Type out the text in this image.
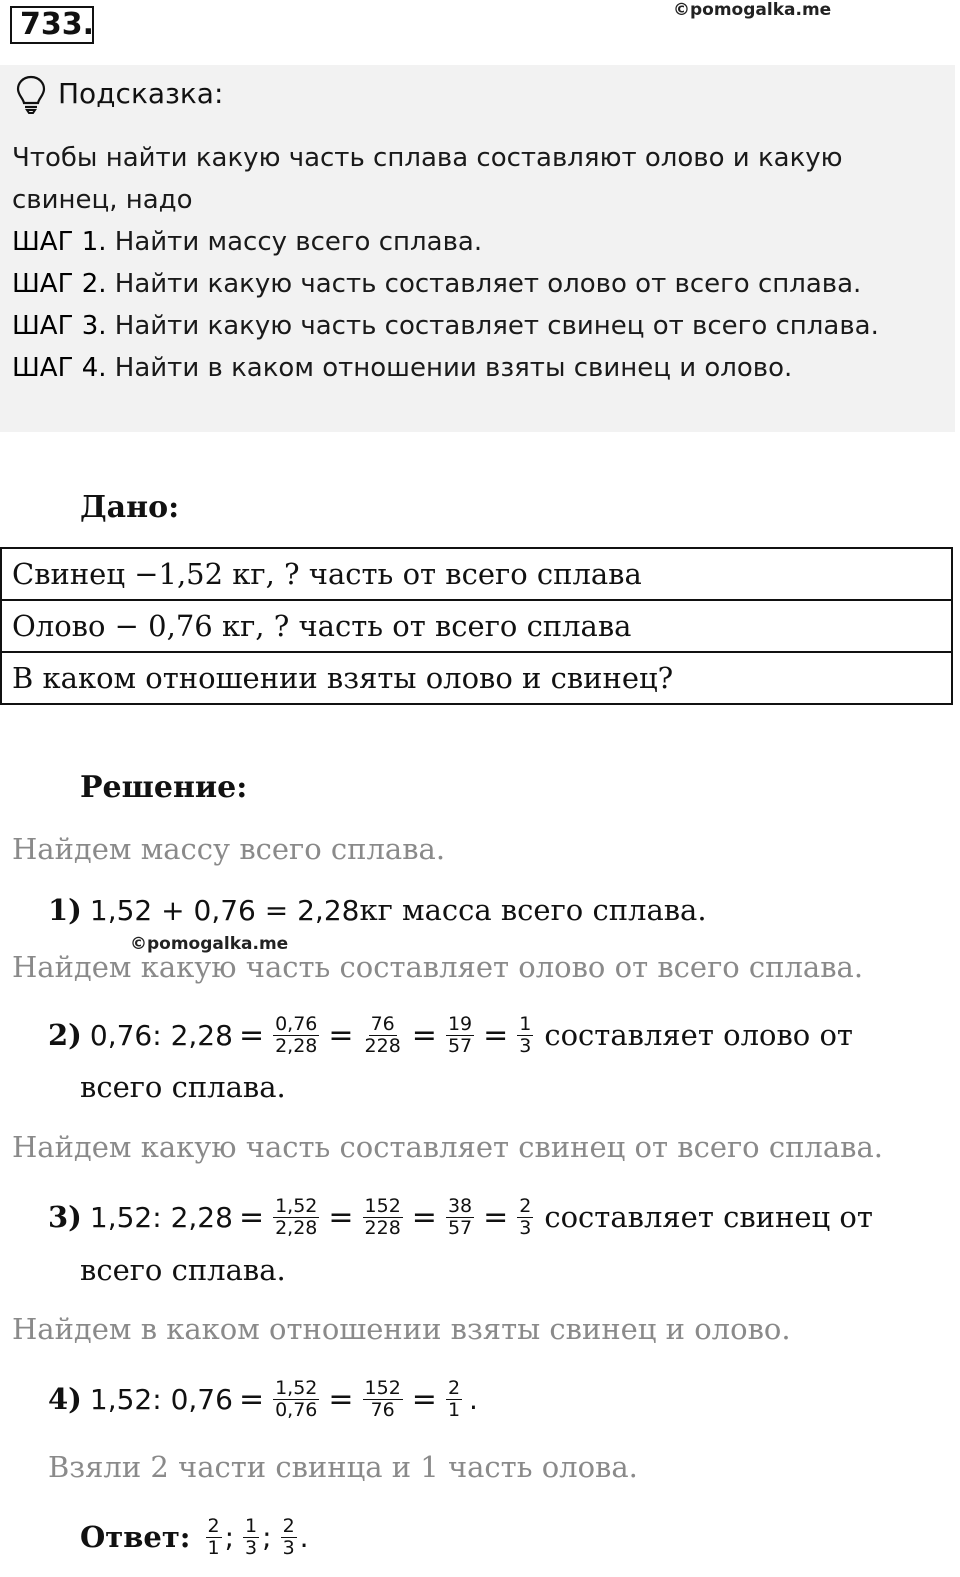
733.	©pomogalka.me
Подсказка:
Чтобы найти какую часть сплава составляют олово и какую
свинец, надо
ШАГ 1. Найти массу всего сплава.
ШАГ 2. Найти какую часть составляет олово от всего сплава.
ШАГ 3. Найти какую часть составляет свинец от всего сплава.
ШАГ 4. Найти в каком отношении взяты свинец и олово.
Дано:
Свинец −1,52 кг, ? часть от всего сплава
Олово − 0,76 кг, ? часть от всего сплава
В каком отношении взяты олово и свинец?
Решение:
Найдем массу всего сплава.
1) 1,52 + 0,76 = 2,28 кг масса всего сплава.
©pomogalka.me
Найдем какую часть составляет олово от всего сплава.
2) 0,76: $2,28 = \frac{0,76}{2,28} = \frac{76}{228} = \frac{19}{57} = \frac{1}{3}$ составляет олово от
всего сплава.
Найдем какую часть составляет свинец от всего сплава.
3) 1,52: $2,28 = \frac{1,52}{2,28} = \frac{152}{228} = \frac{38}{57} = \frac{2}{3}$ составляет свинец от
всего сплава.
Найдем в каком отношении взяты свинец и олово.
4) 1,52: $0,76 = \frac{1,52}{0,76} = \frac{152}{76} = \frac{2}{1}$ .
Взяли 2 части свинца и 1 часть олова.
Ответ: $\frac{2}{1}$ ; $\frac{1}{3}$ ; $\frac{2}{3}$ .
